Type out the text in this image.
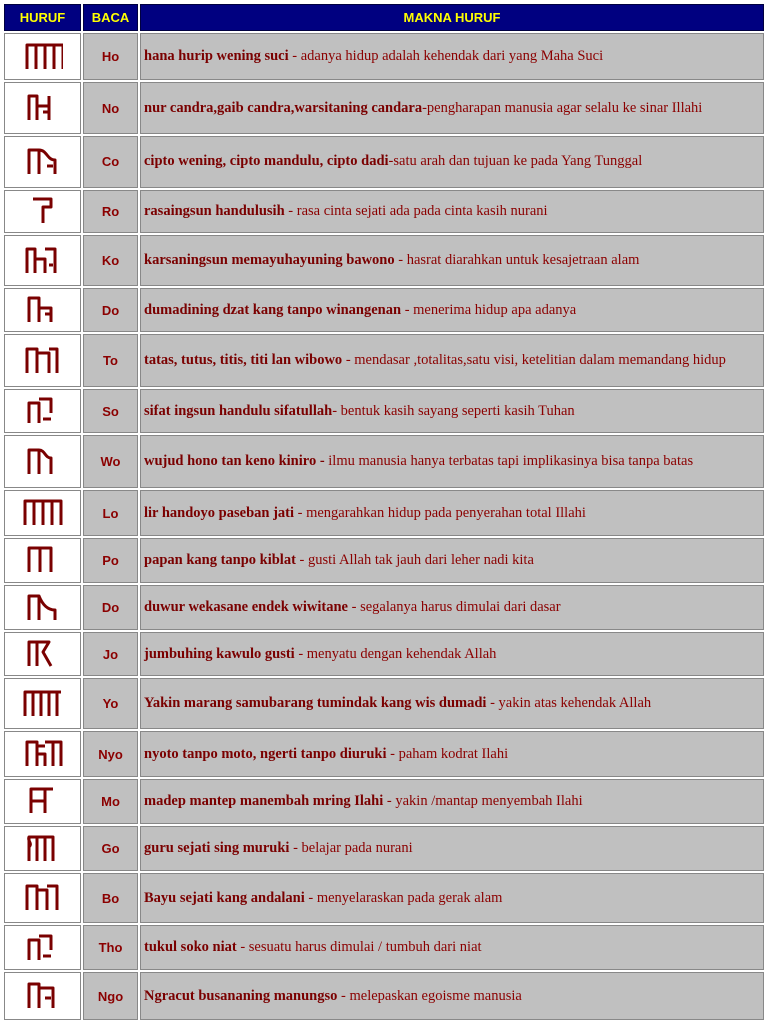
HURUF	BACA	MAKNA HURUF

	Ho	hana hurip wening suci - adanya hidup adalah kehendak dari yang Maha Suci

	No	nur candra,gaib candra,warsitaning candara-pengharapan manusia agar selalu ke sinar Illahi

	Co	cipto wening, cipto mandulu, cipto dadi-satu arah dan tujuan ke pada Yang Tunggal

	Ro	rasaingsun handulusih - rasa cinta sejati ada pada cinta kasih nurani

	Ko	karsaningsun memayuhayuning bawono - hasrat diarahkan untuk kesajetraan alam

	Do	dumadining dzat kang tanpo winangenan - menerima hidup apa adanya

	To	tatas, tutus, titis, titi lan wibowo - mendasar ,totalitas,satu visi, ketelitian dalam memandang hidup

	So	sifat ingsun handulu sifatullah- bentuk kasih sayang seperti kasih Tuhan

	Wo	wujud hono tan keno kiniro - ilmu manusia hanya terbatas tapi implikasinya bisa tanpa batas

	Lo	lir handoyo paseban jati - mengarahkan hidup pada penyerahan total Illahi

	Po	papan kang tanpo kiblat - gusti Allah tak jauh dari leher nadi kita

	Do	duwur wekasane endek wiwitane - segalanya harus dimulai dari dasar

	Jo	jumbuhing kawulo gusti - menyatu dengan kehendak Allah

	Yo	Yakin marang samubarang tumindak kang wis dumadi - yakin atas kehendak Allah

	Nyo	nyoto tanpo moto, ngerti tanpo diuruki - paham kodrat Ilahi

	Mo	madep mantep manembah mring Ilahi - yakin /mantap menyembah Ilahi

	Go	guru sejati sing muruki - belajar pada nurani

	Bo	Bayu sejati kang andalani - menyelaraskan pada gerak alam

	Tho	tukul soko niat - sesuatu harus dimulai / tumbuh dari niat

	Ngo	Ngracut busananing manungso - melepaskan egoisme manusia
